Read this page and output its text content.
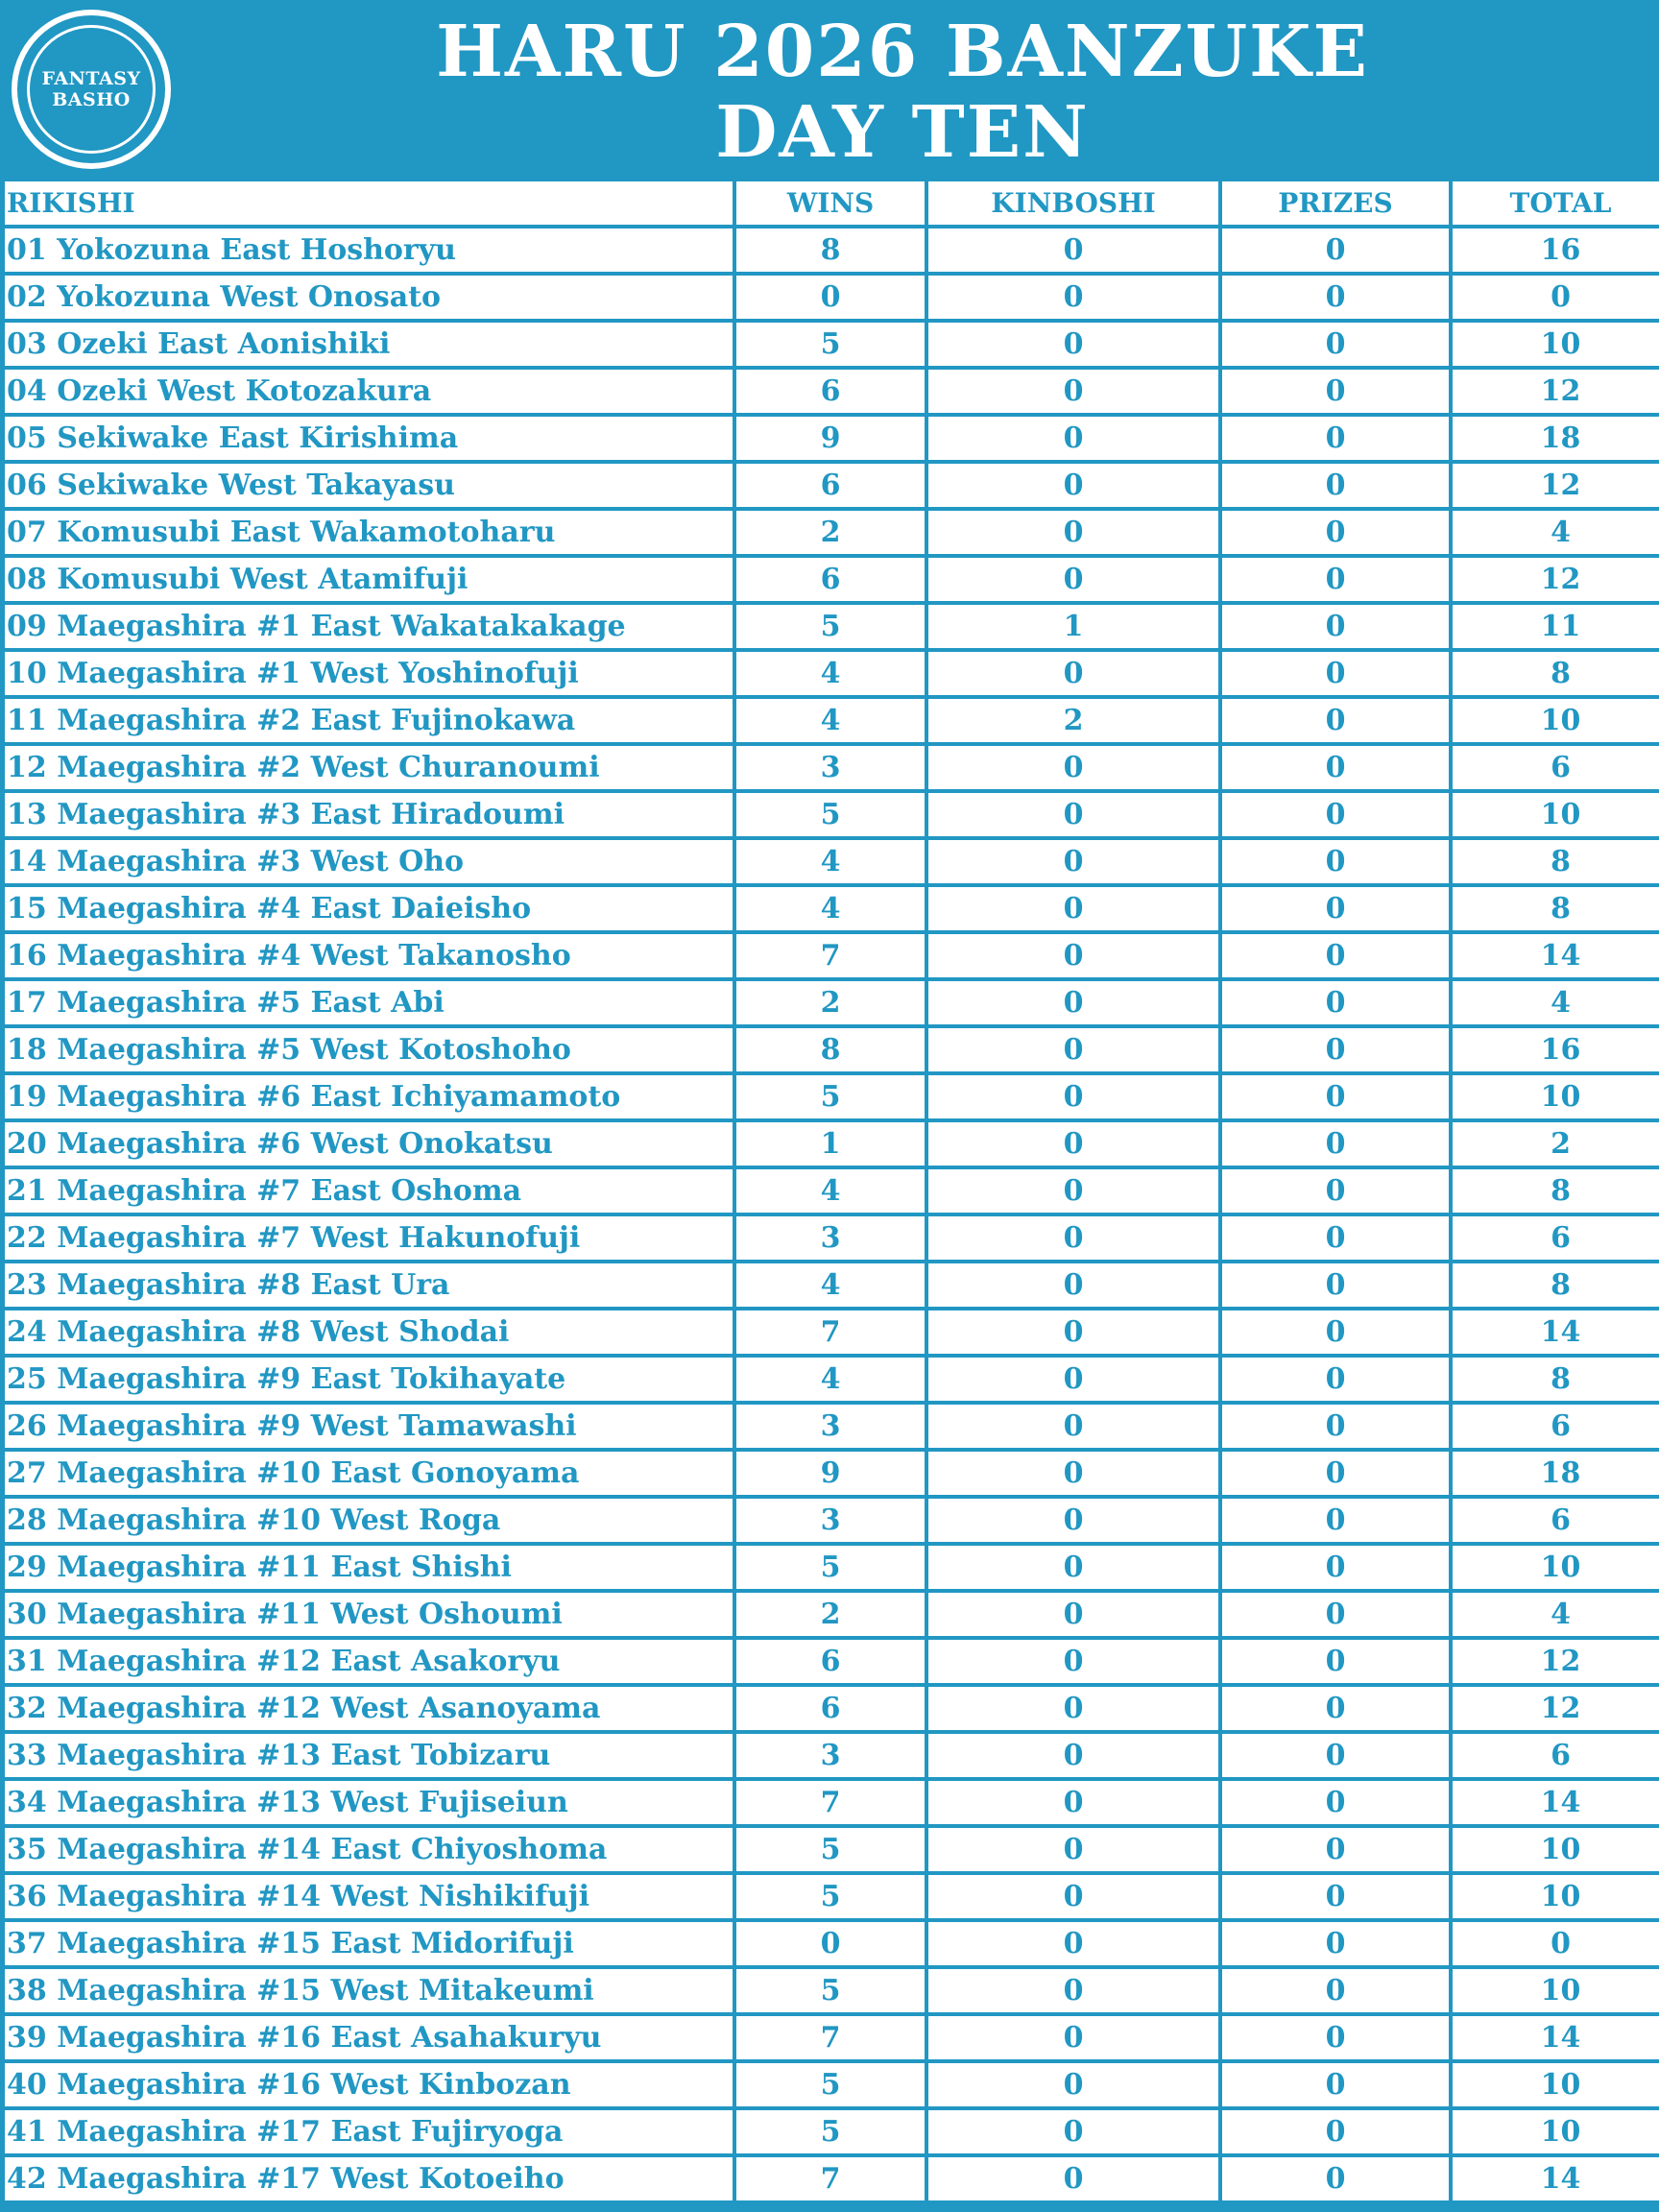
FANTASY
BASHO
HARU 2026 BANZUKE
DAY TEN
RIKISHI	WINS	KINBOSHI	PRIZES	TOTAL
01 Yokozuna East Hoshoryu	8	0	0	16
02 Yokozuna West Onosato	0	0	0	0
03 Ozeki East Aonishiki	5	0	0	10
04 Ozeki West Kotozakura	6	0	0	12
05 Sekiwake East Kirishima	9	0	0	18
06 Sekiwake West Takayasu	6	0	0	12
07 Komusubi East Wakamotoharu	2	0	0	4
08 Komusubi West Atamifuji	6	0	0	12
09 Maegashira #1 East Wakatakakage	5	1	0	11
10 Maegashira #1 West Yoshinofuji	4	0	0	8
11 Maegashira #2 East Fujinokawa	4	2	0	10
12 Maegashira #2 West Churanoumi	3	0	0	6
13 Maegashira #3 East Hiradoumi	5	0	0	10
14 Maegashira #3 West Oho	4	0	0	8
15 Maegashira #4 East Daieisho	4	0	0	8
16 Maegashira #4 West Takanosho	7	0	0	14
17 Maegashira #5 East Abi	2	0	0	4
18 Maegashira #5 West Kotoshoho	8	0	0	16
19 Maegashira #6 East Ichiyamamoto	5	0	0	10
20 Maegashira #6 West Onokatsu	1	0	0	2
21 Maegashira #7 East Oshoma	4	0	0	8
22 Maegashira #7 West Hakunofuji	3	0	0	6
23 Maegashira #8 East Ura	4	0	0	8
24 Maegashira #8 West Shodai	7	0	0	14
25 Maegashira #9 East Tokihayate	4	0	0	8
26 Maegashira #9 West Tamawashi	3	0	0	6
27 Maegashira #10 East Gonoyama	9	0	0	18
28 Maegashira #10 West Roga	3	0	0	6
29 Maegashira #11 East Shishi	5	0	0	10
30 Maegashira #11 West Oshoumi	2	0	0	4
31 Maegashira #12 East Asakoryu	6	0	0	12
32 Maegashira #12 West Asanoyama	6	0	0	12
33 Maegashira #13 East Tobizaru	3	0	0	6
34 Maegashira #13 West Fujiseiun	7	0	0	14
35 Maegashira #14 East Chiyoshoma	5	0	0	10
36 Maegashira #14 West Nishikifuji	5	0	0	10
37 Maegashira #15 East Midorifuji	0	0	0	0
38 Maegashira #15 West Mitakeumi	5	0	0	10
39 Maegashira #16 East Asahakuryu	7	0	0	14
40 Maegashira #16 West Kinbozan	5	0	0	10
41 Maegashira #17 East Fujiryoga	5	0	0	10
42 Maegashira #17 West Kotoeiho	7	0	0	14
